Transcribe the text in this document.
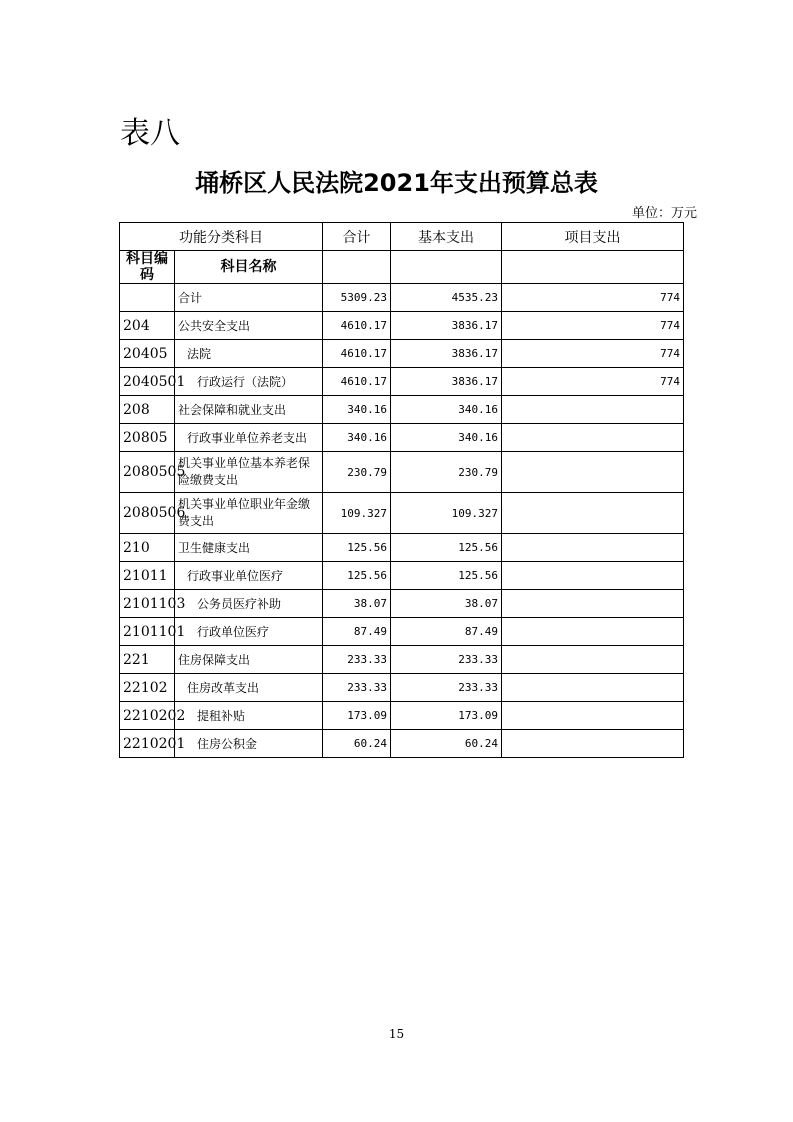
表八
埇桥区人民法院2021年支出预算总表
单位：万元
功能分类科目		合计	基本支出	项目支出
科目编码	科目名称			
	合计	5309.23	4535.23	774
204	公共安全支出	4610.17	3836.17	774
20405	法院	4610.17	3836.17	774
2040501	行政运行（法院）	4610.17	3836.17	774
208	社会保障和就业支出	340.16	340.16	
20805	行政事业单位养老支出	340.16	340.16	
2080505	机关事业单位基本养老保险缴费支出	230.79	230.79	
2080506	机关事业单位职业年金缴费支出	109.327	109.327	
210	卫生健康支出	125.56	125.56	
21011	行政事业单位医疗	125.56	125.56	
2101103	公务员医疗补助	38.07	38.07	
2101101	行政单位医疗	87.49	87.49	
221	住房保障支出	233.33	233.33	
22102	住房改革支出	233.33	233.33	
2210202	提租补贴	173.09	173.09	
2210201	住房公积金	60.24	60.24	
15
